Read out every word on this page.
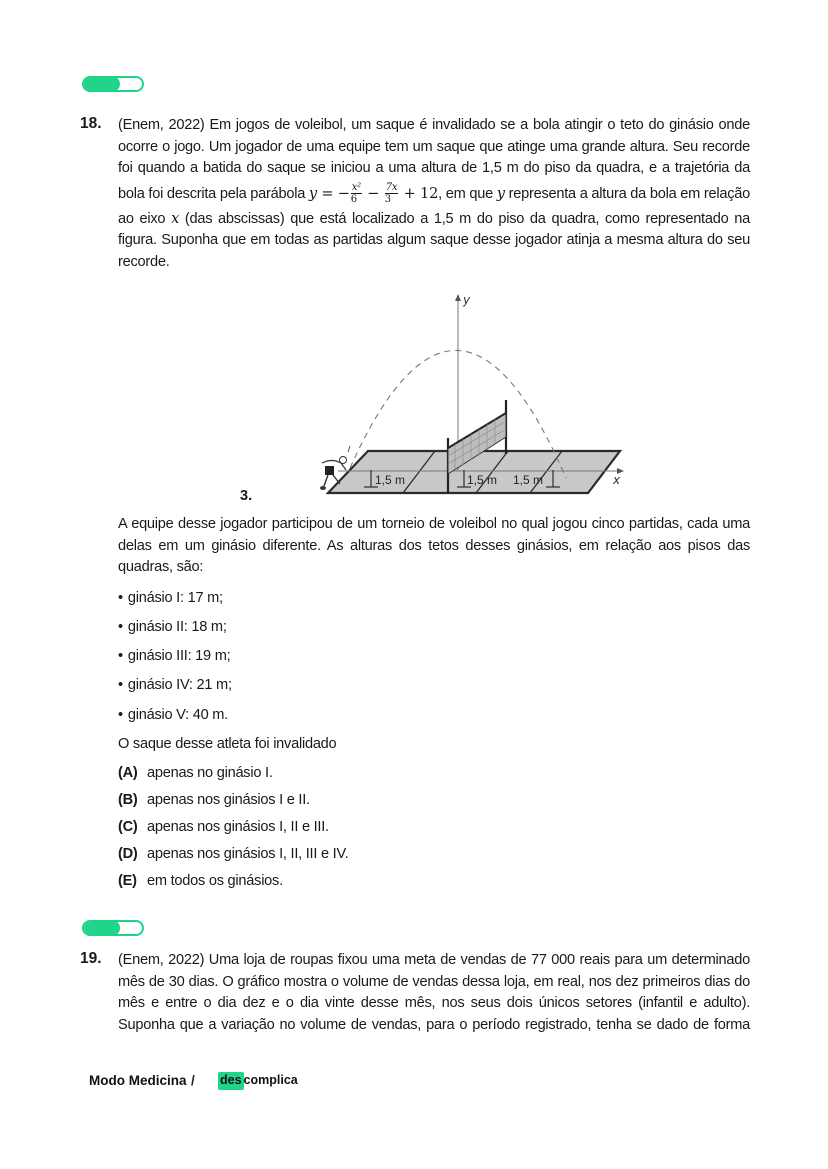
18. (Enem, 2022) Em jogos de voleibol, um saque é invalidado se a bola atingir o teto do ginásio onde
ocorre o jogo. Um jogador de uma equipe tem um saque que atinge uma grande altura. Seu recorde
foi quando a batida do saque se iniciou a uma altura de 1,5 m do piso da quadra, e a trajetória da
bola foi descrita pela parábola y = − $\frac{\text{x²}}{6} - \frac{7x}{3} + 12$, em que y representa a altura da bola em relação
ao eixo x (das abscissas) que está localizado a 1,5 m do piso da quadra, como representado na
figura. Suponha que em todas as partidas algum saque desse jogador atinja a mesma altura do seu
recorde.
x
y
1,5 m	1,5 m 1,5 m
3.
A equipe desse jogador participou de um torneio de voleibol no qual jogou cinco partidas, cada uma
delas em um ginásio diferente. As alturas dos tetos desses ginásios, em relação aos pisos das
quadras, são:
• ginásio I: 17 m;
• ginásio II: 18 m;
• ginásio III: 19 m;
• ginásio IV: 21 m;
• ginásio V: 40 m.
O saque desse atleta foi invalidado
(A) apenas no ginásio I.
(B) apenas nos ginásios I e II.
(C) apenas nos ginásios I, II e III.
(D) apenas nos ginásios I, II, III e IV.
(E) em todos os ginásios.
19. (Enem, 2022) Uma loja de roupas fixou uma meta de vendas de 77 000 reais para um determinado
mês de 30 dias. O gráfico mostra o volume de vendas dessa loja, em real, nos dez primeiros dias do
mês e entre o dia dez e o dia vinte desse mês, nos seus dois únicos setores (infantil e adulto).
Suponha que a variação no volume de vendas, para o período registrado, tenha se dado de forma
Modo Medicina / des complica
